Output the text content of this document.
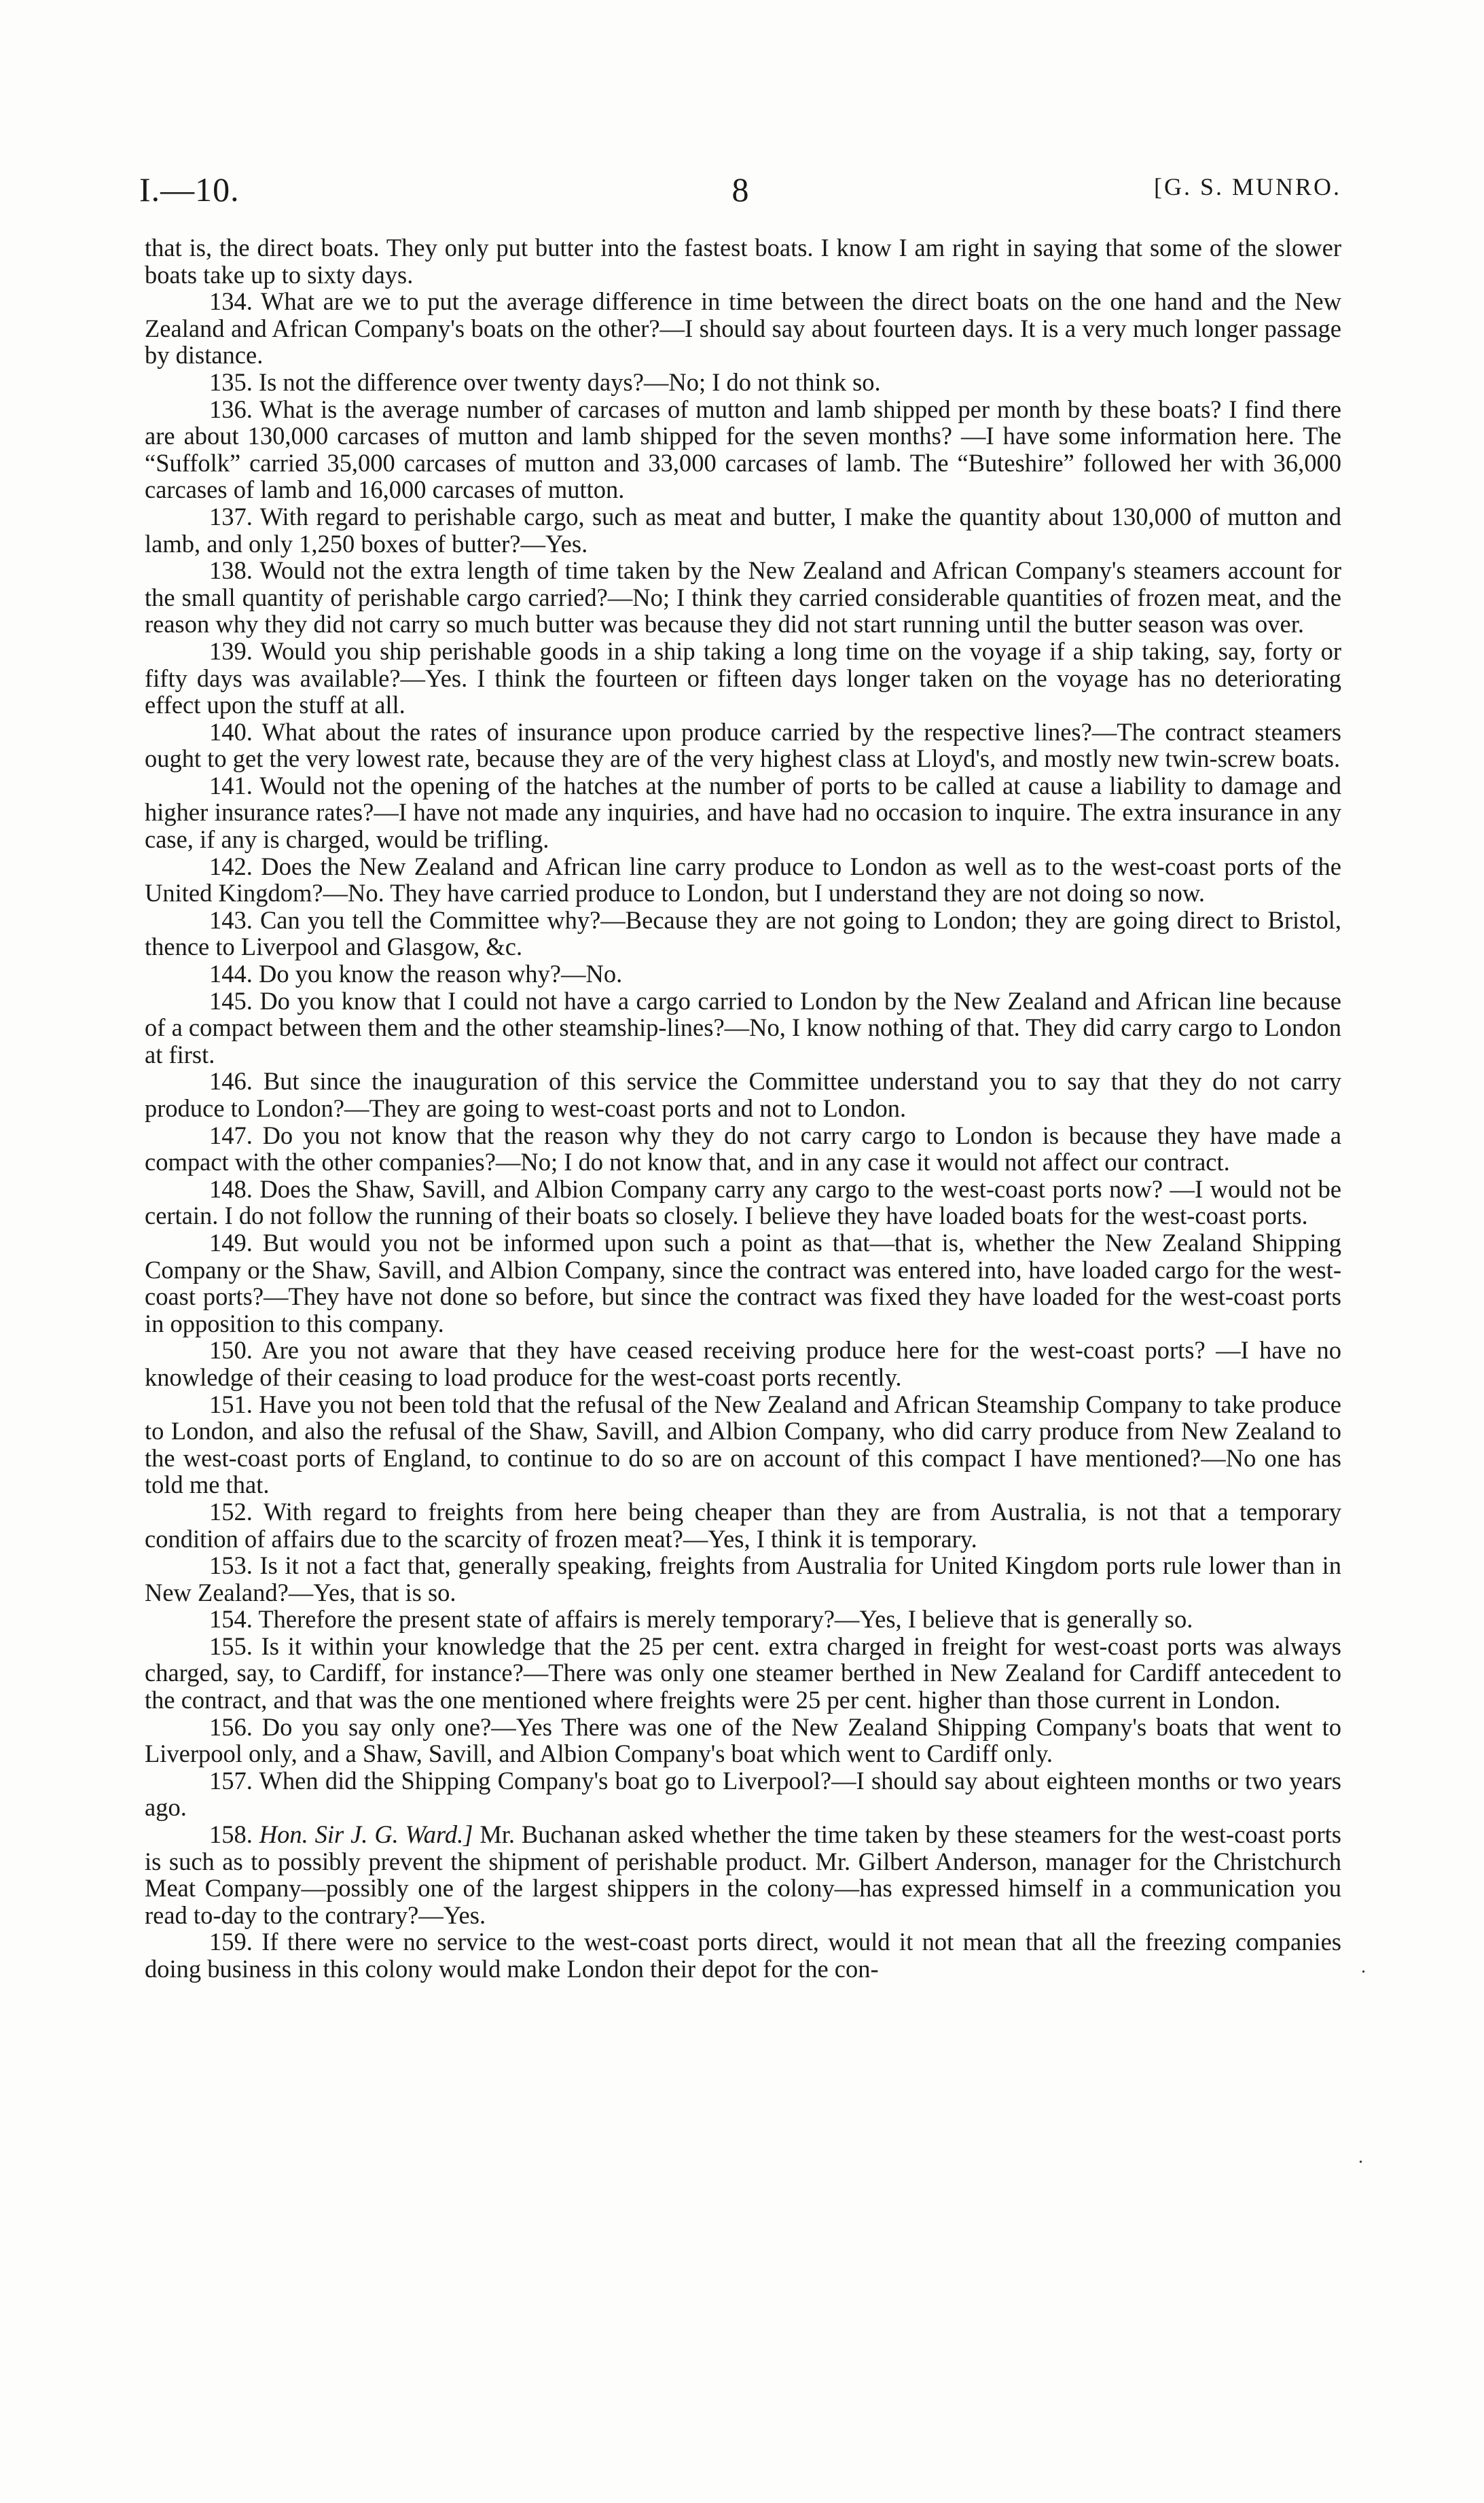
I.—10.	8	[G. S. MUNRO.

that is, the direct boats. They only put butter into the fastest boats. I know I am right in saying that some of the slower boats take up to sixty days.

134. What are we to put the average difference in time between the direct boats on the one hand and the New Zealand and African Company's boats on the other?—I should say about fourteen days. It is a very much longer passage by distance.

135. Is not the difference over twenty days?—No; I do not think so.

136. What is the average number of carcases of mutton and lamb shipped per month by these boats? I find there are about 130,000 carcases of mutton and lamb shipped for the seven months? —I have some information here. The “Suffolk” carried 35,000 carcases of mutton and 33,000 carcases of lamb. The “Buteshire” followed her with 36,000 carcases of lamb and 16,000 carcases of mutton.

137. With regard to perishable cargo, such as meat and butter, I make the quantity about 130,000 of mutton and lamb, and only 1,250 boxes of butter?—Yes.

138. Would not the extra length of time taken by the New Zealand and African Company's steamers account for the small quantity of perishable cargo carried?—No; I think they carried considerable quantities of frozen meat, and the reason why they did not carry so much butter was because they did not start running until the butter season was over.

139. Would you ship perishable goods in a ship taking a long time on the voyage if a ship taking, say, forty or fifty days was available?—Yes. I think the fourteen or fifteen days longer taken on the voyage has no deteriorating effect upon the stuff at all.

140. What about the rates of insurance upon produce carried by the respective lines?—The contract steamers ought to get the very lowest rate, because they are of the very highest class at Lloyd's, and mostly new twin-screw boats.

141. Would not the opening of the hatches at the number of ports to be called at cause a liability to damage and higher insurance rates?—I have not made any inquiries, and have had no occasion to inquire. The extra insurance in any case, if any is charged, would be trifling.

142. Does the New Zealand and African line carry produce to London as well as to the west-coast ports of the United Kingdom?—No. They have carried produce to London, but I understand they are not doing so now.

143. Can you tell the Committee why?—Because they are not going to London; they are going direct to Bristol, thence to Liverpool and Glasgow, &c.

144. Do you know the reason why?—No.

145. Do you know that I could not have a cargo carried to London by the New Zealand and African line because of a compact between them and the other steamship-lines?—No, I know nothing of that. They did carry cargo to London at first.

146. But since the inauguration of this service the Committee understand you to say that they do not carry produce to London?—They are going to west-coast ports and not to London.

147. Do you not know that the reason why they do not carry cargo to London is because they have made a compact with the other companies?—No; I do not know that, and in any case it would not affect our contract.

148. Does the Shaw, Savill, and Albion Company carry any cargo to the west-coast ports now? —I would not be certain. I do not follow the running of their boats so closely. I believe they have loaded boats for the west-coast ports.

149. But would you not be informed upon such a point as that—that is, whether the New Zealand Shipping Company or the Shaw, Savill, and Albion Company, since the contract was entered into, have loaded cargo for the west-coast ports?—They have not done so before, but since the contract was fixed they have loaded for the west-coast ports in opposition to this company.

150. Are you not aware that they have ceased receiving produce here for the west-coast ports? —I have no knowledge of their ceasing to load produce for the west-coast ports recently.

151. Have you not been told that the refusal of the New Zealand and African Steamship Company to take produce to London, and also the refusal of the Shaw, Savill, and Albion Company, who did carry produce from New Zealand to the west-coast ports of England, to continue to do so are on account of this compact I have mentioned?—No one has told me that.

152. With regard to freights from here being cheaper than they are from Australia, is not that a temporary condition of affairs due to the scarcity of frozen meat?—Yes, I think it is temporary.

153. Is it not a fact that, generally speaking, freights from Australia for United Kingdom ports rule lower than in New Zealand?—Yes, that is so.

154. Therefore the present state of affairs is merely temporary?—Yes, I believe that is generally so.

155. Is it within your knowledge that the 25 per cent. extra charged in freight for west-coast ports was always charged, say, to Cardiff, for instance?—There was only one steamer berthed in New Zealand for Cardiff antecedent to the contract, and that was the one mentioned where freights were 25 per cent. higher than those current in London.

156. Do you say only one?—Yes There was one of the New Zealand Shipping Company's boats that went to Liverpool only, and a Shaw, Savill, and Albion Company's boat which went to Cardiff only.

157. When did the Shipping Company's boat go to Liverpool?—I should say about eighteen months or two years ago.

158. Hon. Sir J. G. Ward.] Mr. Buchanan asked whether the time taken by these steamers for the west-coast ports is such as to possibly prevent the shipment of perishable product. Mr. Gilbert Anderson, manager for the Christchurch Meat Company—possibly one of the largest shippers in the colony—has expressed himself in a communication you read to-day to the contrary?—Yes.

159. If there were no service to the west-coast ports direct, would it not mean that all the freezing companies doing business in this colony would make London their depot for the con-	.
.
